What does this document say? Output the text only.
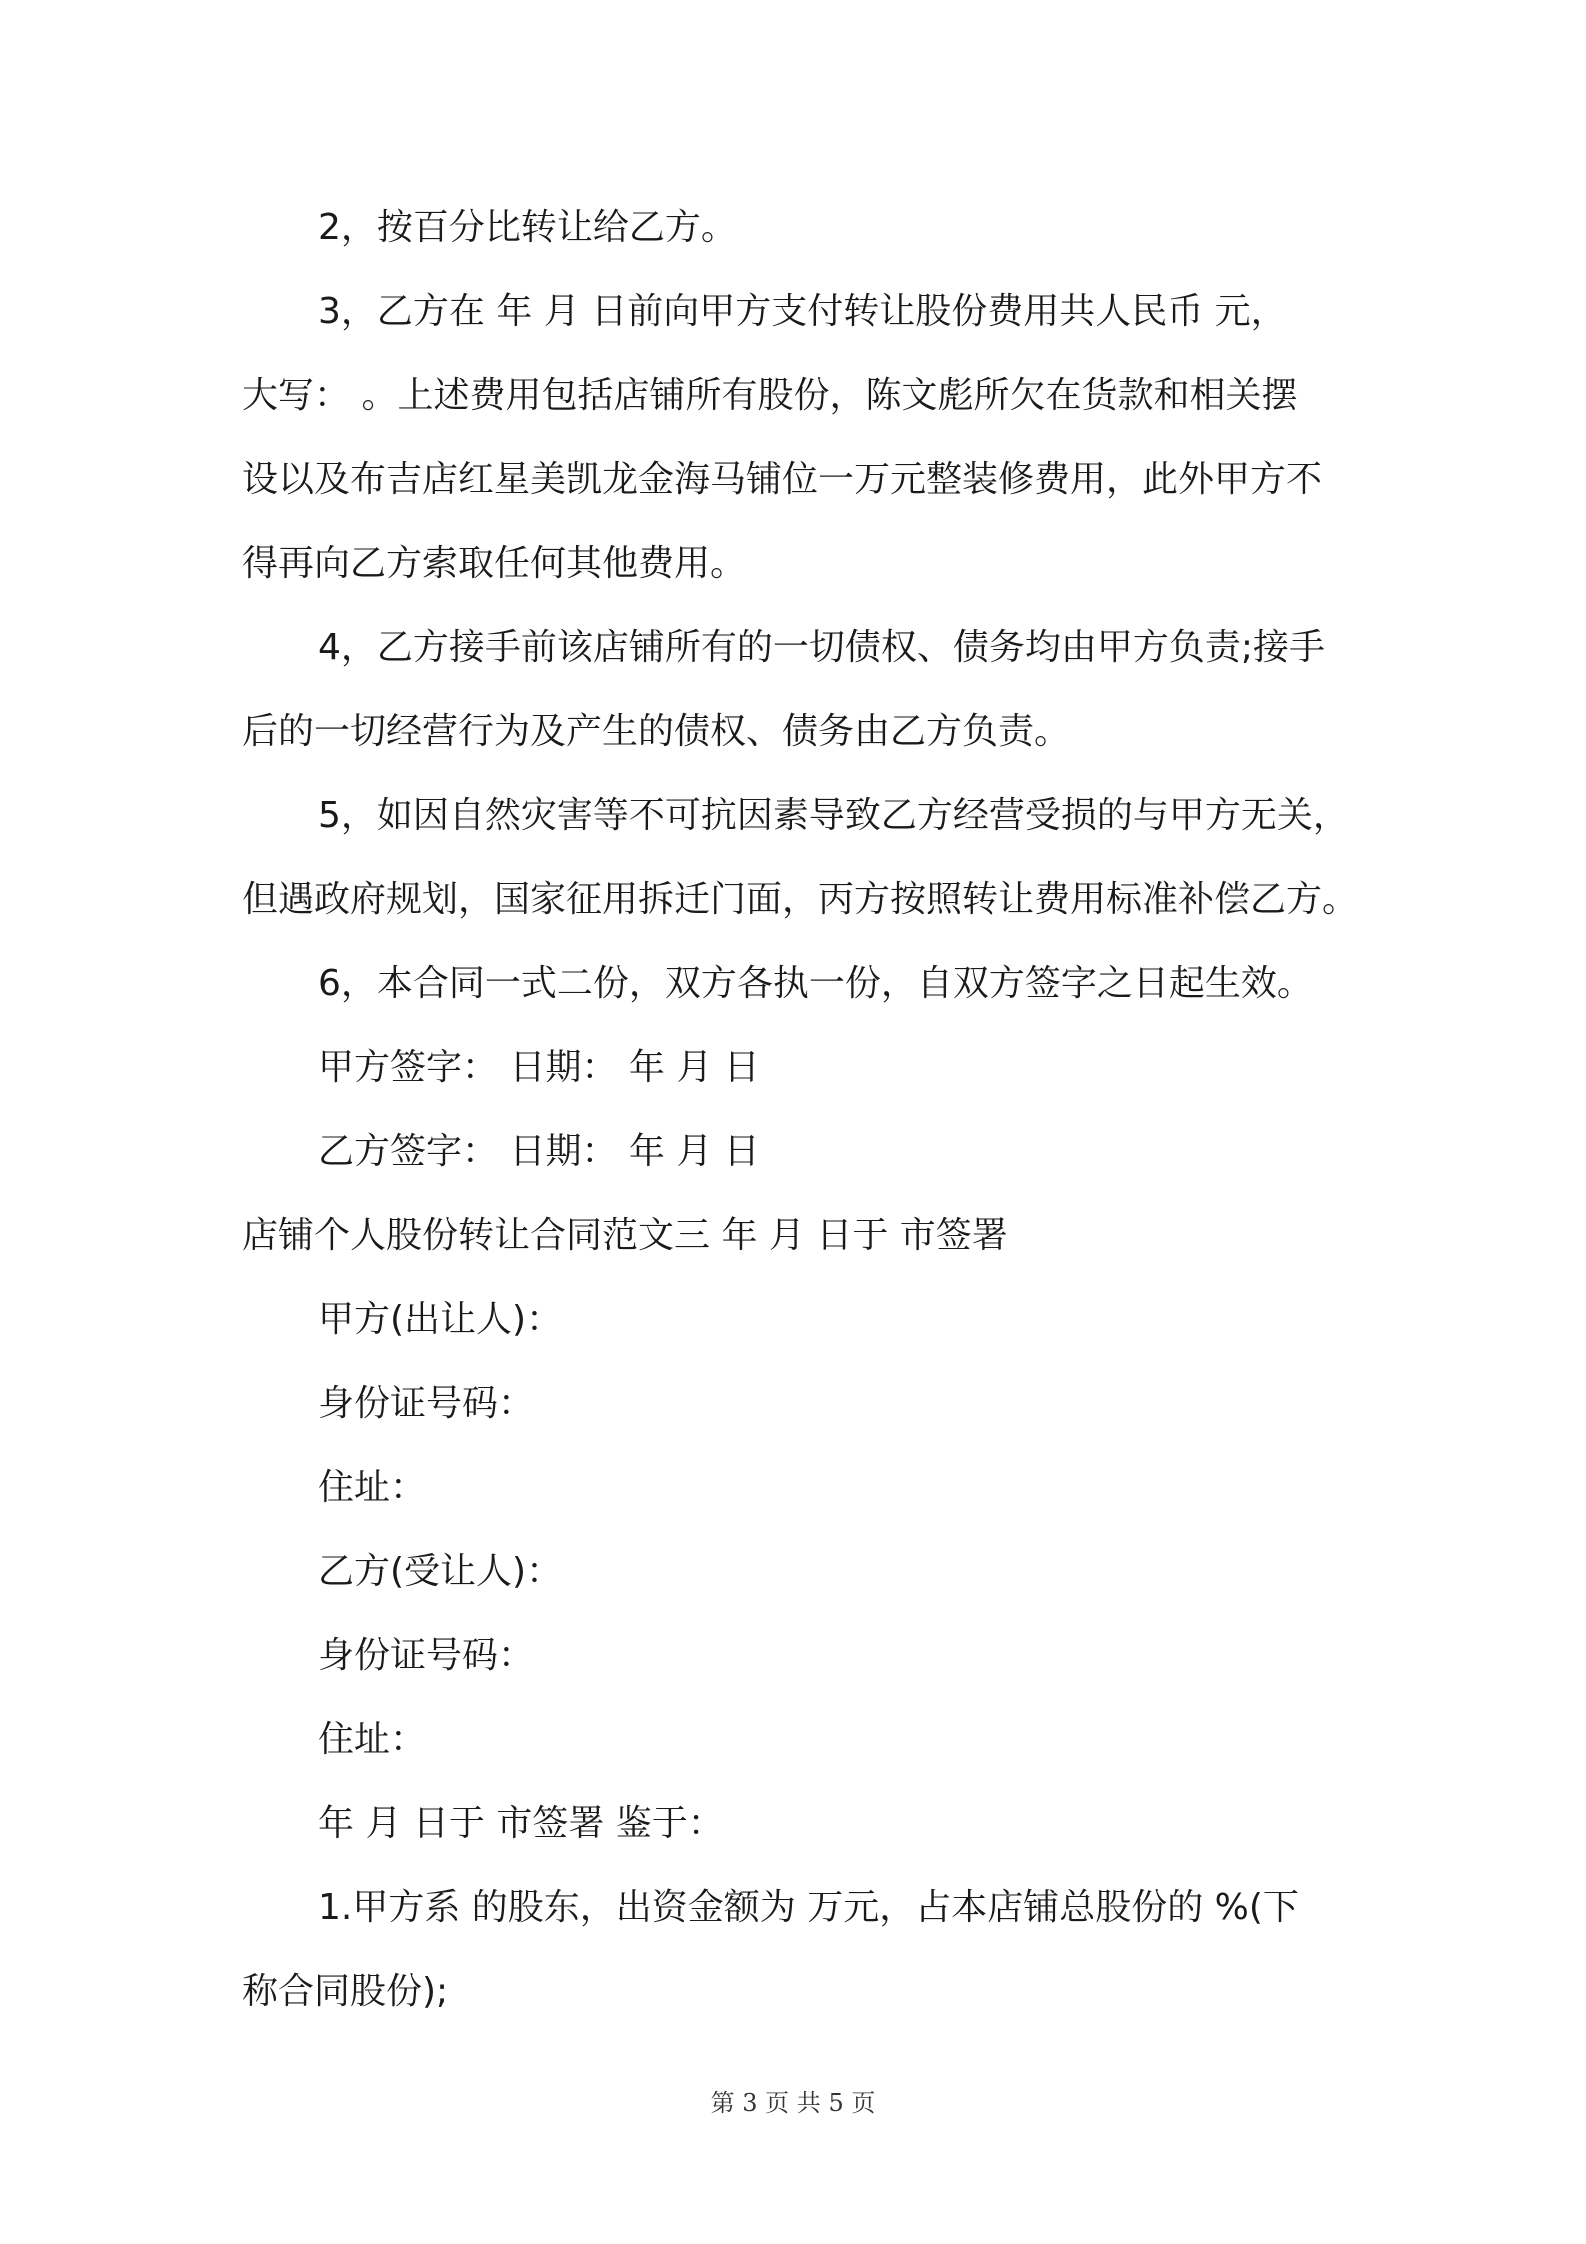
2，按百分比转让给乙方。
3，乙方在 年 月 日前向甲方支付转让股份费用共人民币 元，
大写： 。上述费用包括店铺所有股份，陈文彪所欠在货款和相关摆
设以及布吉店红星美凯龙金海马铺位一万元整装修费用，此外甲方不
得再向乙方索取任何其他费用。
4，乙方接手前该店铺所有的一切债权、债务均由甲方负责;接手
后的一切经营行为及产生的债权、债务由乙方负责。
5，如因自然灾害等不可抗因素导致乙方经营受损的与甲方无关，
但遇政府规划，国家征用拆迁门面，丙方按照转让费用标准补偿乙方。
6，本合同一式二份，双方各执一份，自双方签字之日起生效。
甲方签字： 日期： 年 月 日
乙方签字： 日期： 年 月 日
店铺个人股份转让合同范文三 年 月 日于 市签署
甲方(出让人)：
身份证号码：
住址：
乙方(受让人)：
身份证号码：
住址：
年 月 日于 市签署 鉴于：
1.甲方系 的股东，出资金额为 万元，占本店铺总股份的 %(下
称合同股份);
第 3 页 共 5 页
